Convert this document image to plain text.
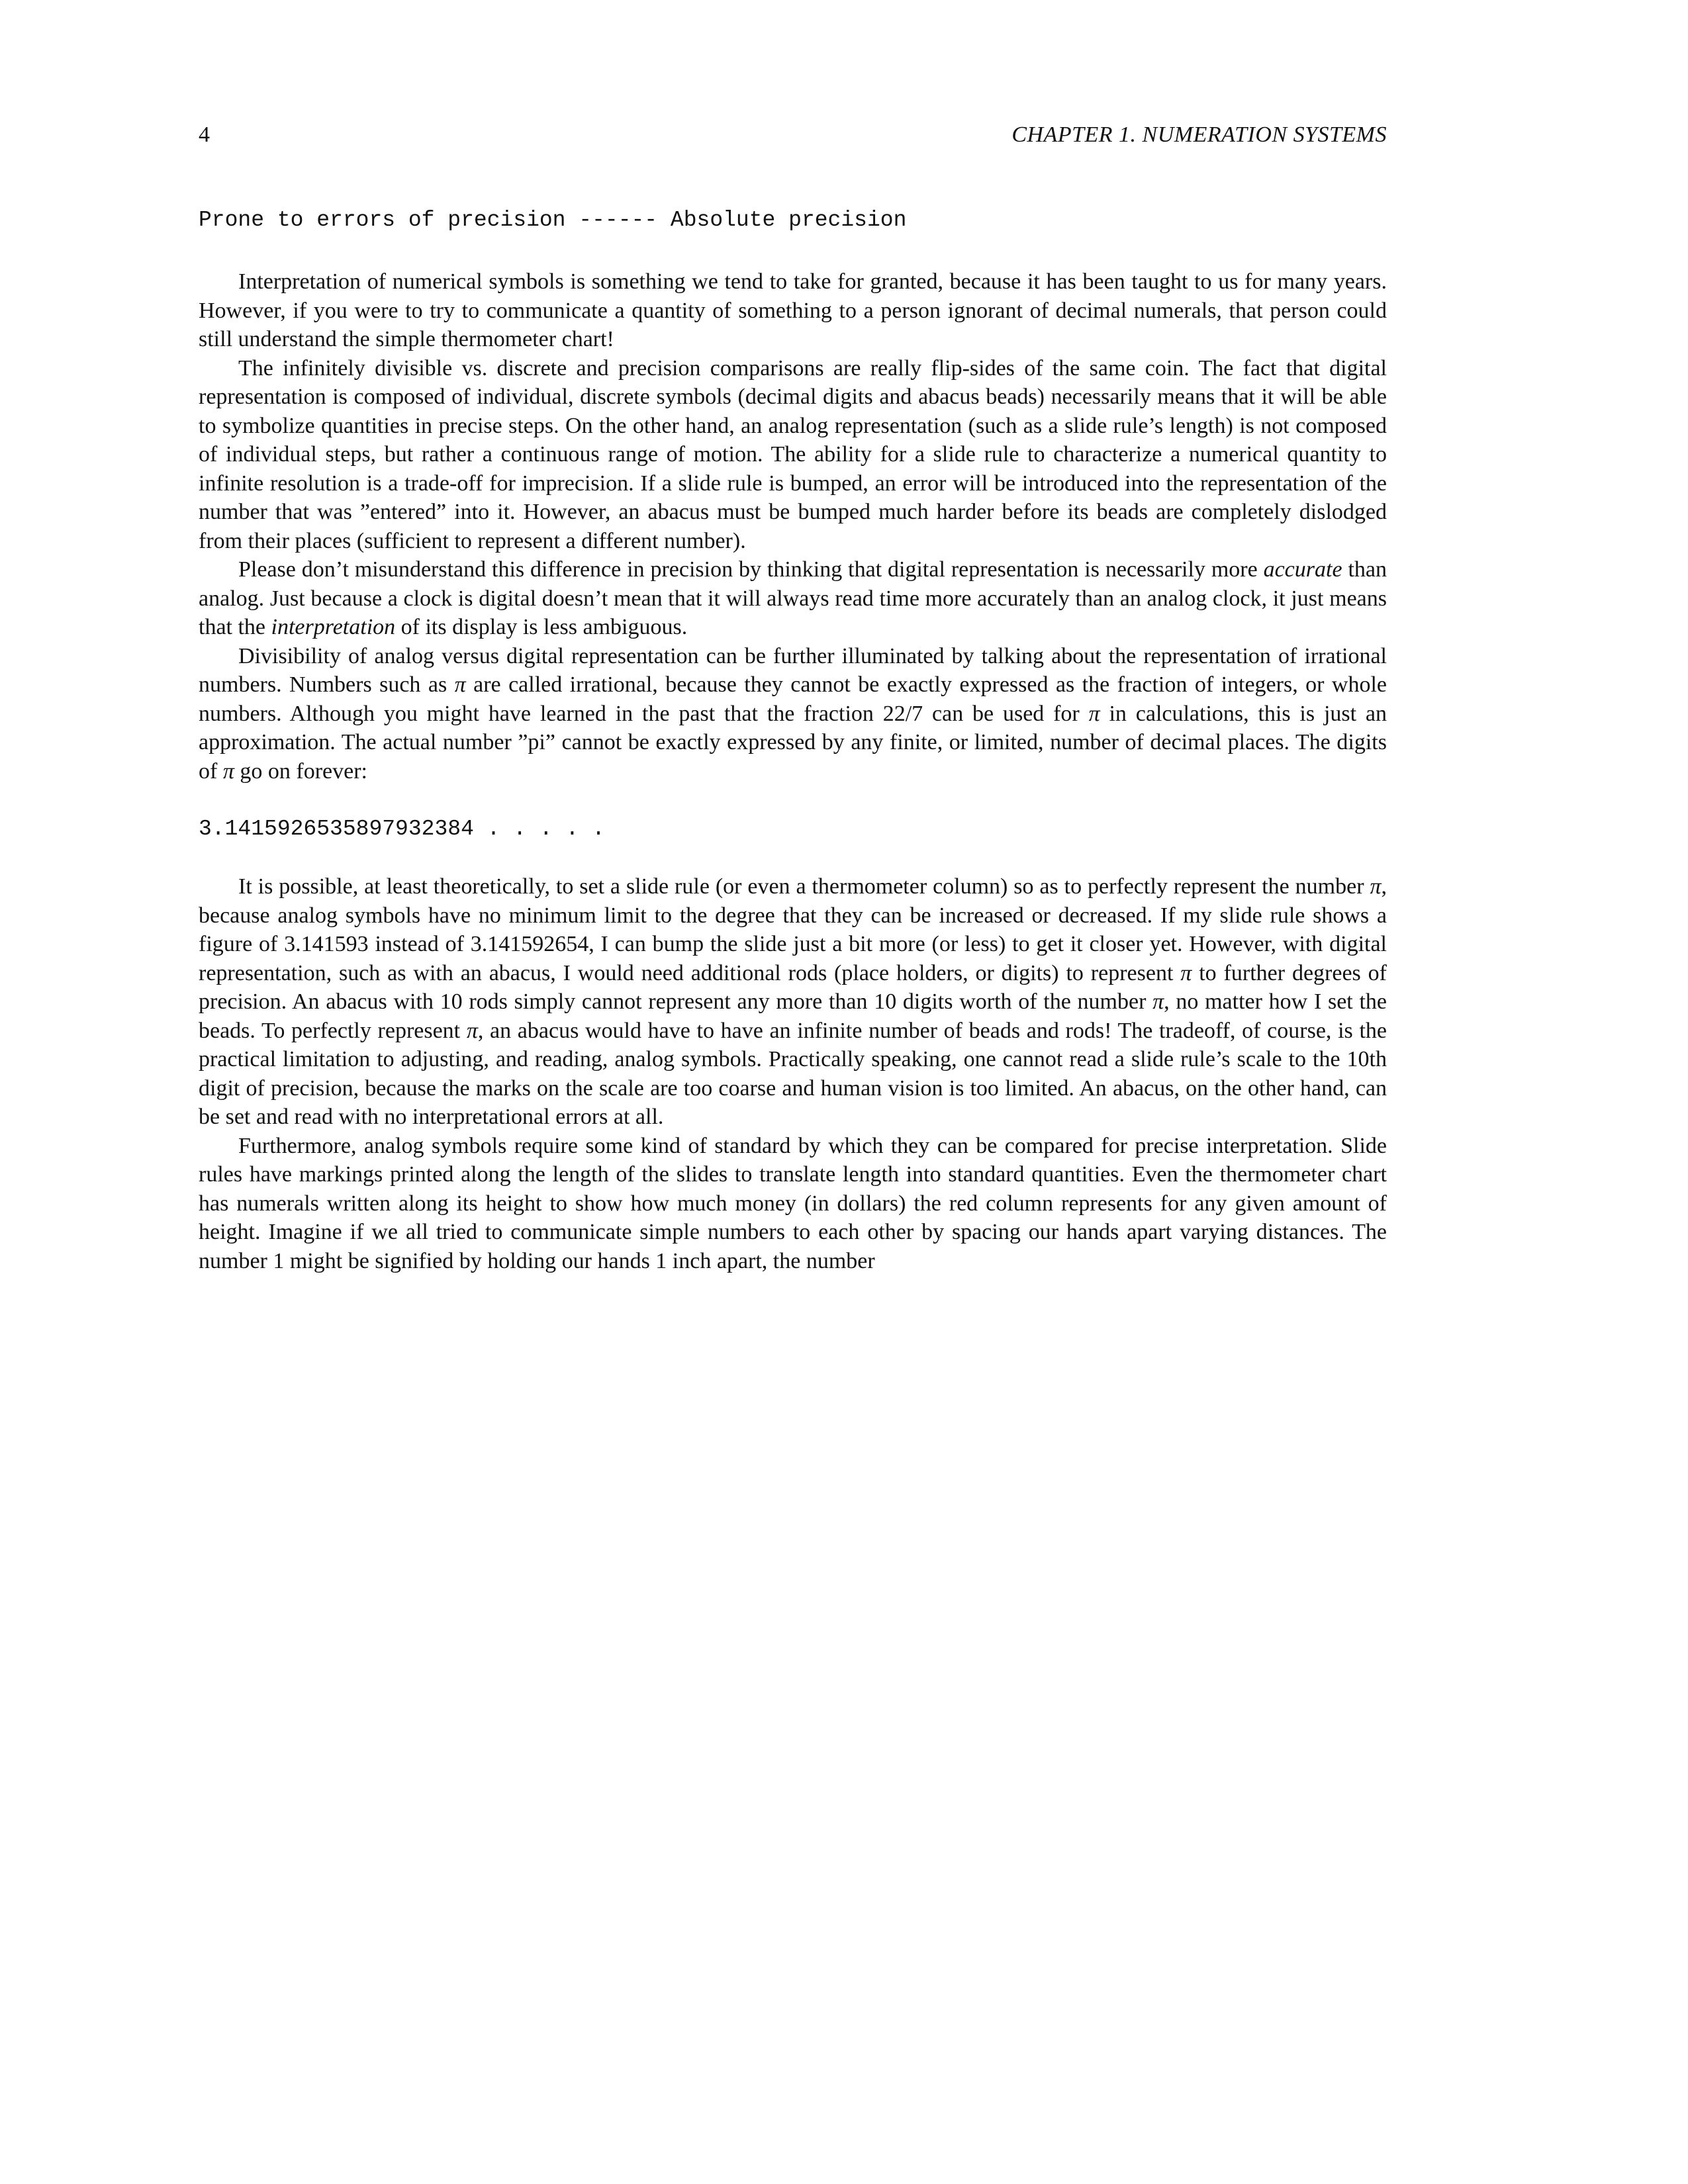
4	CHAPTER 1. NUMERATION SYSTEMS
Prone to errors of precision ------ Absolute precision

Interpretation of numerical symbols is something we tend to take for granted, because it has been taught to us for many years. However, if you were to try to communicate a quantity of something to a person ignorant of decimal numerals, that person could still understand the simple thermometer chart!

The infinitely divisible vs. discrete and precision comparisons are really flip-sides of the same coin. The fact that digital representation is composed of individual, discrete symbols (decimal digits and abacus beads) necessarily means that it will be able to symbolize quantities in precise steps. On the other hand, an analog representation (such as a slide rule’s length) is not composed of individual steps, but rather a continuous range of motion. The ability for a slide rule to characterize a numerical quantity to infinite resolution is a trade-off for imprecision. If a slide rule is bumped, an error will be introduced into the representation of the number that was ”entered” into it. However, an abacus must be bumped much harder before its beads are completely dislodged from their places (sufficient to represent a different number).

Please don’t misunderstand this difference in precision by thinking that digital representation is necessarily more accurate than analog. Just because a clock is digital doesn’t mean that it will always read time more accurately than an analog clock, it just means that the interpretation of its display is less ambiguous.

Divisibility of analog versus digital representation can be further illuminated by talking about the representation of irrational numbers. Numbers such as π are called irrational, because they cannot be exactly expressed as the fraction of integers, or whole numbers. Although you might have learned in the past that the fraction 22/7 can be used for π in calculations, this is just an approximation. The actual number ”pi” cannot be exactly expressed by any finite, or limited, number of decimal places. The digits of π go on forever:

3.1415926535897932384 . . . . .

It is possible, at least theoretically, to set a slide rule (or even a thermometer column) so as to perfectly represent the number π, because analog symbols have no minimum limit to the degree that they can be increased or decreased. If my slide rule shows a figure of 3.141593 instead of 3.141592654, I can bump the slide just a bit more (or less) to get it closer yet. However, with digital representation, such as with an abacus, I would need additional rods (place holders, or digits) to represent π to further degrees of precision. An abacus with 10 rods simply cannot represent any more than 10 digits worth of the number π, no matter how I set the beads. To perfectly represent π, an abacus would have to have an infinite number of beads and rods! The tradeoff, of course, is the practical limitation to adjusting, and reading, analog symbols. Practically speaking, one cannot read a slide rule’s scale to the 10th digit of precision, because the marks on the scale are too coarse and human vision is too limited. An abacus, on the other hand, can be set and read with no interpretational errors at all.

Furthermore, analog symbols require some kind of standard by which they can be compared for precise interpretation. Slide rules have markings printed along the length of the slides to translate length into standard quantities. Even the thermometer chart has numerals written along its height to show how much money (in dollars) the red column represents for any given amount of height. Imagine if we all tried to communicate simple numbers to each other by spacing our hands apart varying distances. The number 1 might be signified by holding our hands 1 inch apart, the number
